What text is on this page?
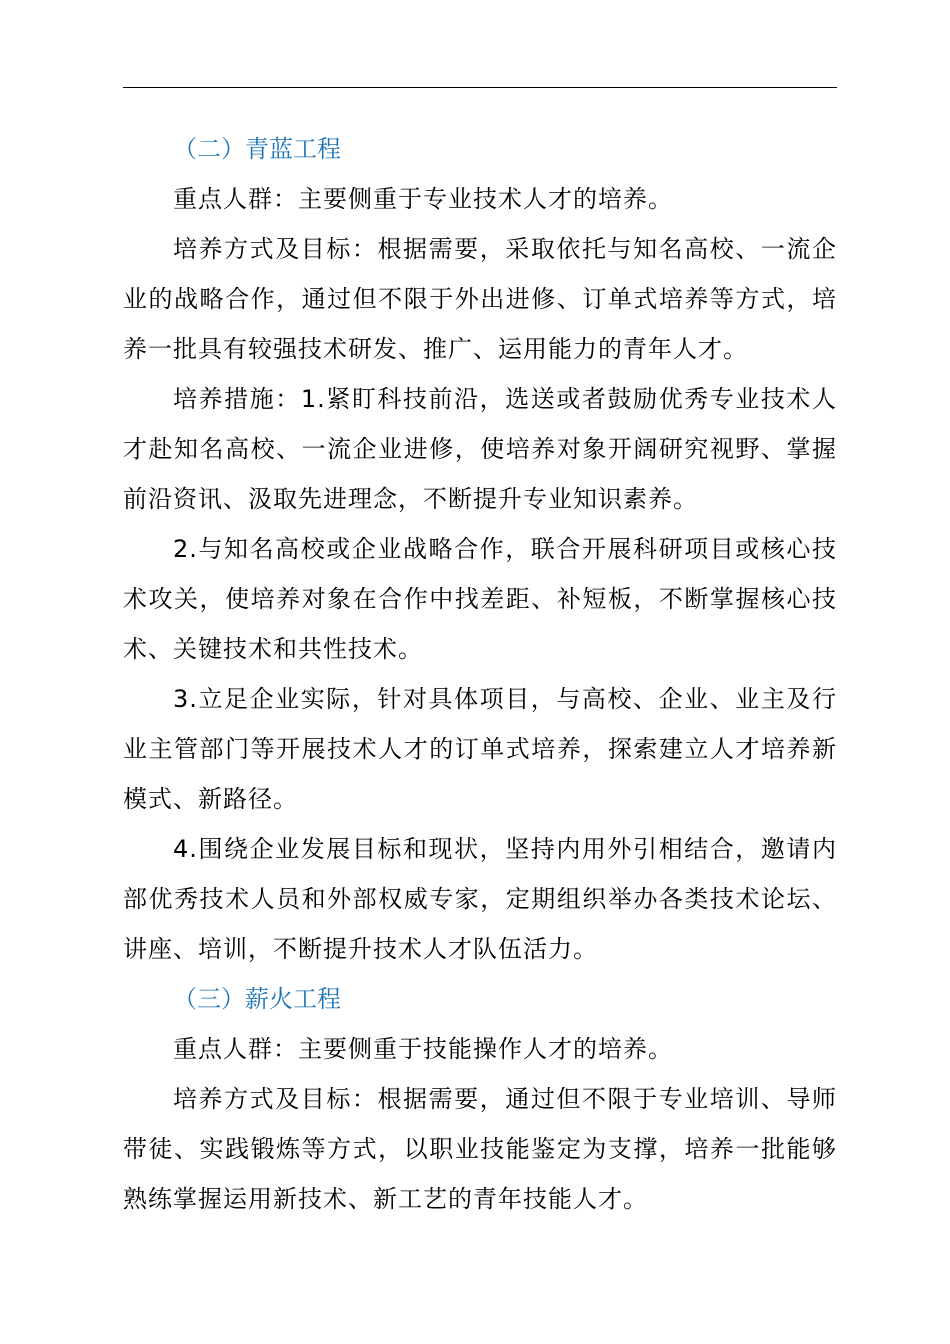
（二）青蓝工程

重点人群：主要侧重于专业技术人才的培养。

培养方式及目标：根据需要，采取依托与知名高校、一流企业的战略合作，通过但不限于外出进修、订单式培养等方式，培养一批具有较强技术研发、推广、运用能力的青年人才。

培养措施：1.紧盯科技前沿，选送或者鼓励优秀专业技术人才赴知名高校、一流企业进修，使培养对象开阔研究视野、掌握前沿资讯、汲取先进理念，不断提升专业知识素养。

2.与知名高校或企业战略合作，联合开展科研项目或核心技术攻关，使培养对象在合作中找差距、补短板，不断掌握核心技术、关键技术和共性技术。

3.立足企业实际，针对具体项目，与高校、企业、业主及行业主管部门等开展技术人才的订单式培养，探索建立人才培养新模式、新路径。

4.围绕企业发展目标和现状，坚持内用外引相结合，邀请内部优秀技术人员和外部权威专家，定期组织举办各类技术论坛、讲座、培训，不断提升技术人才队伍活力。

（三）薪火工程

重点人群：主要侧重于技能操作人才的培养。

培养方式及目标：根据需要，通过但不限于专业培训、导师带徒、实践锻炼等方式，以职业技能鉴定为支撑，培养一批能够熟练掌握运用新技术、新工艺的青年技能人才。
